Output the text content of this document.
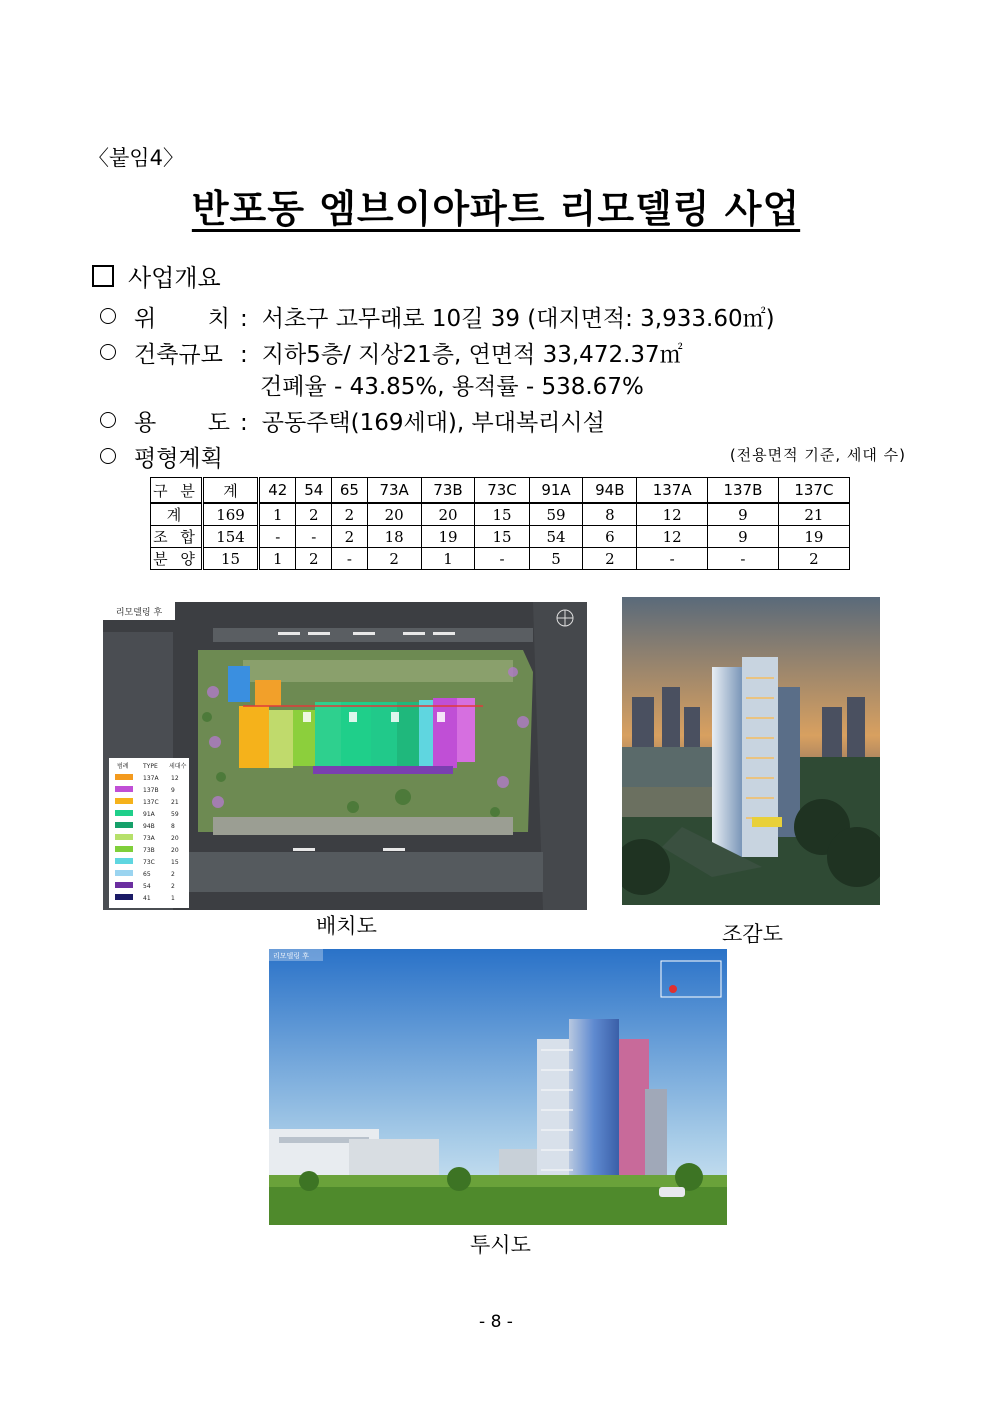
〈붙임4〉
반포동 엠브이아파트 리모델링 사업
사업개요
위 치 : 서초구 고무래로 10길 39 (대지면적: 3,933.60㎡)
건축규모 : 지하5층/ 지상21층, 연면적 33,472.37㎡
건폐율 - 43.85%, 용적률 - 538.67%
용 도 : 공동주택(169세대), 부대복리시설
평형계획	(전용면적 기준, 세대 수)
구 분	계	42	54	65	73A	73B	73C	91A	94B	137A	137B	137C
계	169	1	2	2	20	20	15	59	8	12	9	21
조 합	154	-	-	2	18	19	15	54	6	12	9	19
분 양	15	1	2	-	2	1	-	5	2	-	-	2
리모델링 후
범례 TYPE 세대수
137A 12
137B 9
137C 21
91A	59
94B	8
73A	20
73B	20
73C	15
65	2
54	2
41	1
배치도	조감도
리모델링 후
투시도
- 8 -
